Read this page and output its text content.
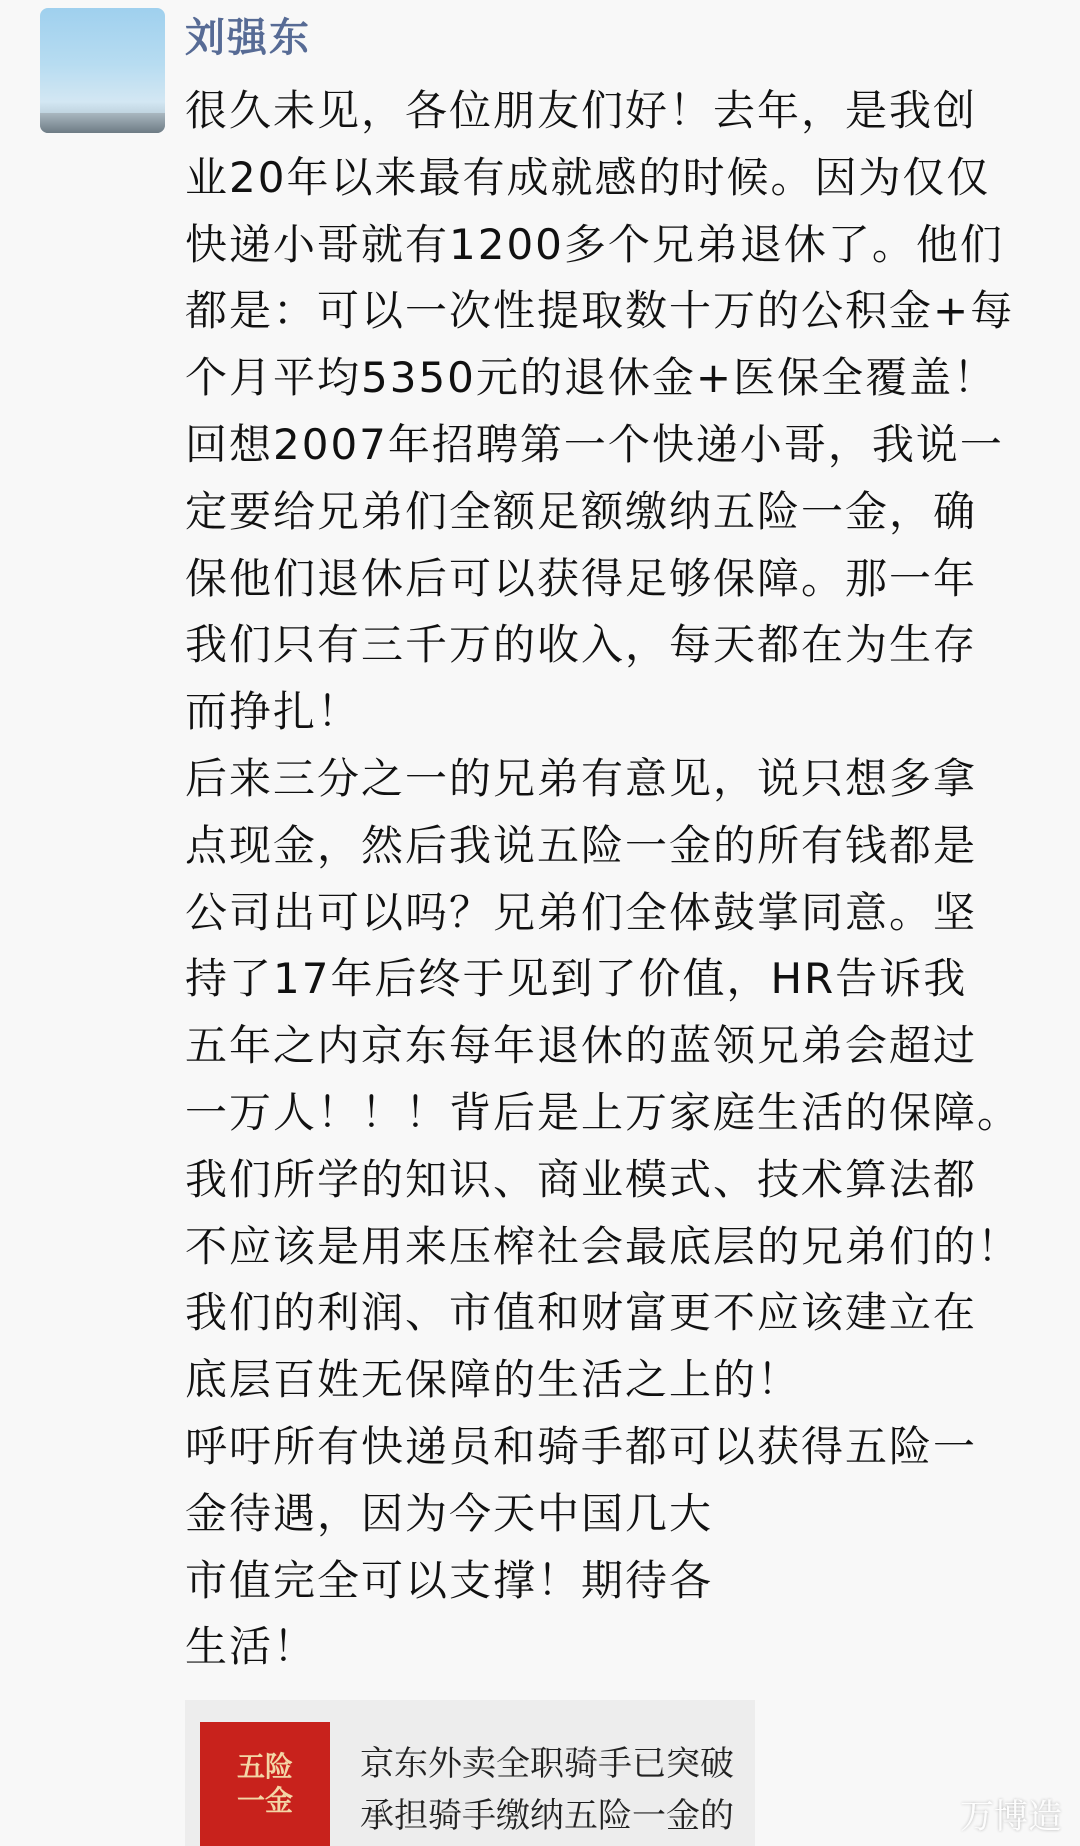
刘强东
很久未见，各位朋友们好！去年，是我创
业20年以来最有成就感的时候。因为仅仅
快递小哥就有1200多个兄弟退休了。他们
都是：可以一次性提取数十万的公积金+每
个月平均5350元的退休金+医保全覆盖！
回想2007年招聘第一个快递小哥，我说一
定要给兄弟们全额足额缴纳五险一金，确
保他们退休后可以获得足够保障。那一年
我们只有三千万的收入，每天都在为生存
而挣扎！
后来三分之一的兄弟有意见，说只想多拿
点现金，然后我说五险一金的所有钱都是
公司出可以吗？兄弟们全体鼓掌同意。坚
持了17年后终于见到了价值，HR告诉我
五年之内京东每年退休的蓝领兄弟会超过
一万人！！！背后是上万家庭生活的保障。
我们所学的知识、商业模式、技术算法都
不应该是用来压榨社会最底层的兄弟们的！
我们的利润、市值和财富更不应该建立在
底层百姓无保障的生活之上的！
呼吁所有快递员和骑手都可以获得五险一
金待遇，因为今天中国几大
市值完全可以支撑！期待各
生活！
五险
一金
京东外卖全职骑手已突破
承担骑手缴纳五险一金的	万博造
